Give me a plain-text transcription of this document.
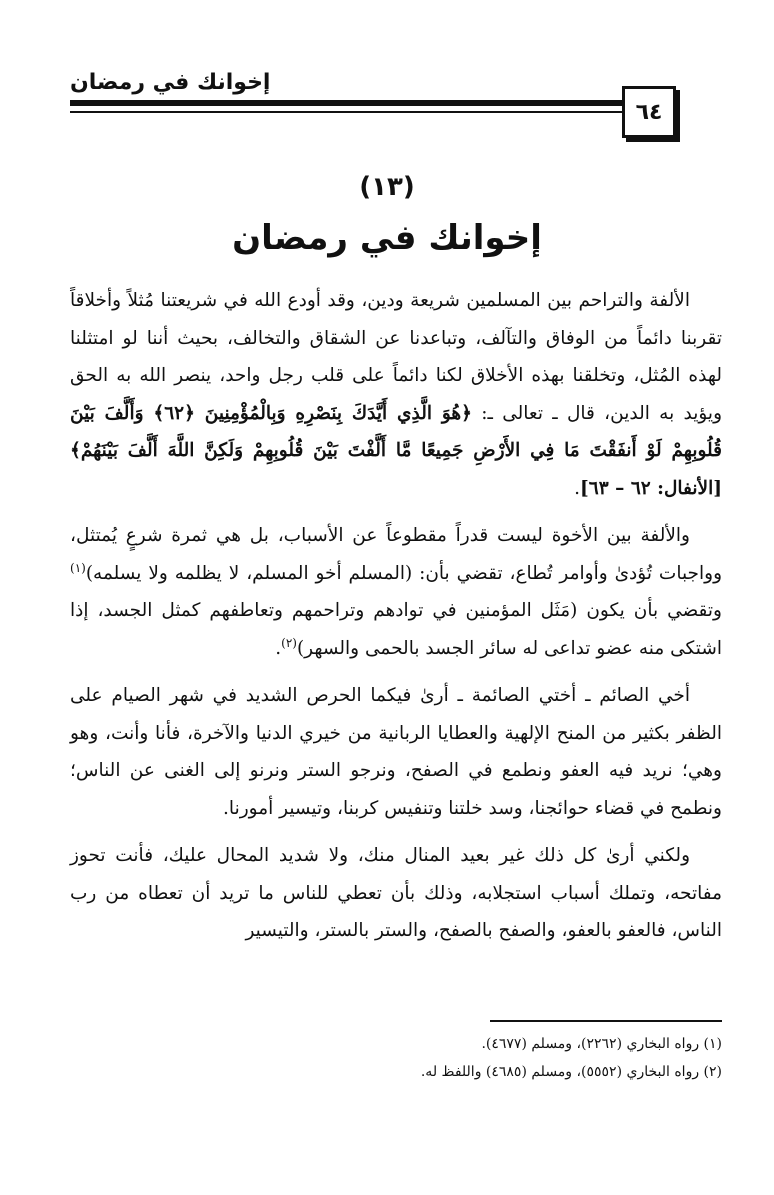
إخوانك في رمضان
٦٤
(١٣)
إخوانك في رمضان

الألفة والتراحم بين المسلمين شريعة ودين، وقد أودع الله في شريعتنا مُثلاً وأخلاقاً تقربنا دائماً من الوفاق والتآلف، وتباعدنا عن الشقاق والتخالف، بحيث أننا لو امتثلنا لهذه المُثل، وتخلقنا بهذه الأخلاق لكنا دائماً على قلب رجل واحد، ينصر الله به الحق ويؤيد به الدين، قال ـ تعالى ـ: ﴿هُوَ الَّذِي أَيَّدَكَ بِنَصْرِهِ وَبِالْمُؤْمِنِينَ ﴿٦٢﴾ وَأَلَّفَ بَيْنَ قُلُوبِهِمْ لَوْ أَنفَقْتَ مَا فِي الأَرْضِ جَمِيعًا مَّا أَلَّفْتَ بَيْنَ قُلُوبِهِمْ وَلَكِنَّ اللَّهَ أَلَّفَ بَيْنَهُمْ﴾ [الأنفال: ٦٢ – ٦٣].

والألفة بين الأخوة ليست قدراً مقطوعاً عن الأسباب، بل هي ثمرة شرعٍ يُمتثل، وواجبات تُؤدىٰ وأوامر تُطاع، تقضي بأن: (المسلم أخو المسلم، لا يظلمه ولا يسلمه)$^{(١)}$ وتقضي بأن يكون (مَثَل المؤمنين في توادهم وتراحمهم وتعاطفهم كمثل الجسد، إذا اشتكى منه عضو تداعى له سائر الجسد بالحمى والسهر)$^{(٢)}$.

أخي الصائم ـ أختي الصائمة ـ أرىٰ فيكما الحرص الشديد في شهر الصيام على الظفر بكثير من المنح الإلهية والعطايا الربانية من خيري الدنيا والآخرة، فأنا وأنت، وهو وهي؛ نريد فيه العفو ونطمع في الصفح، ونرجو الستر ونرنو إلى الغنى عن الناس؛ ونطمح في قضاء حوائجنا، وسد خلتنا وتنفيس كربنا، وتيسير أمورنا.

ولكني أرىٰ كل ذلك غير بعيد المنال منك، ولا شديد المحال عليك، فأنت تحوز مفاتحه، وتملك أسباب استجلابه، وذلك بأن تعطي للناس ما تريد أن تعطاه من رب الناس، فالعفو بالعفو، والصفح بالصفح، والستر بالستر، والتيسير

(١) رواه البخاري (٢٢٦٢)، ومسلم (٤٦٧٧).
(٢) رواه البخاري (٥٥٥٢)، ومسلم (٤٦٨٥) واللفظ له.
